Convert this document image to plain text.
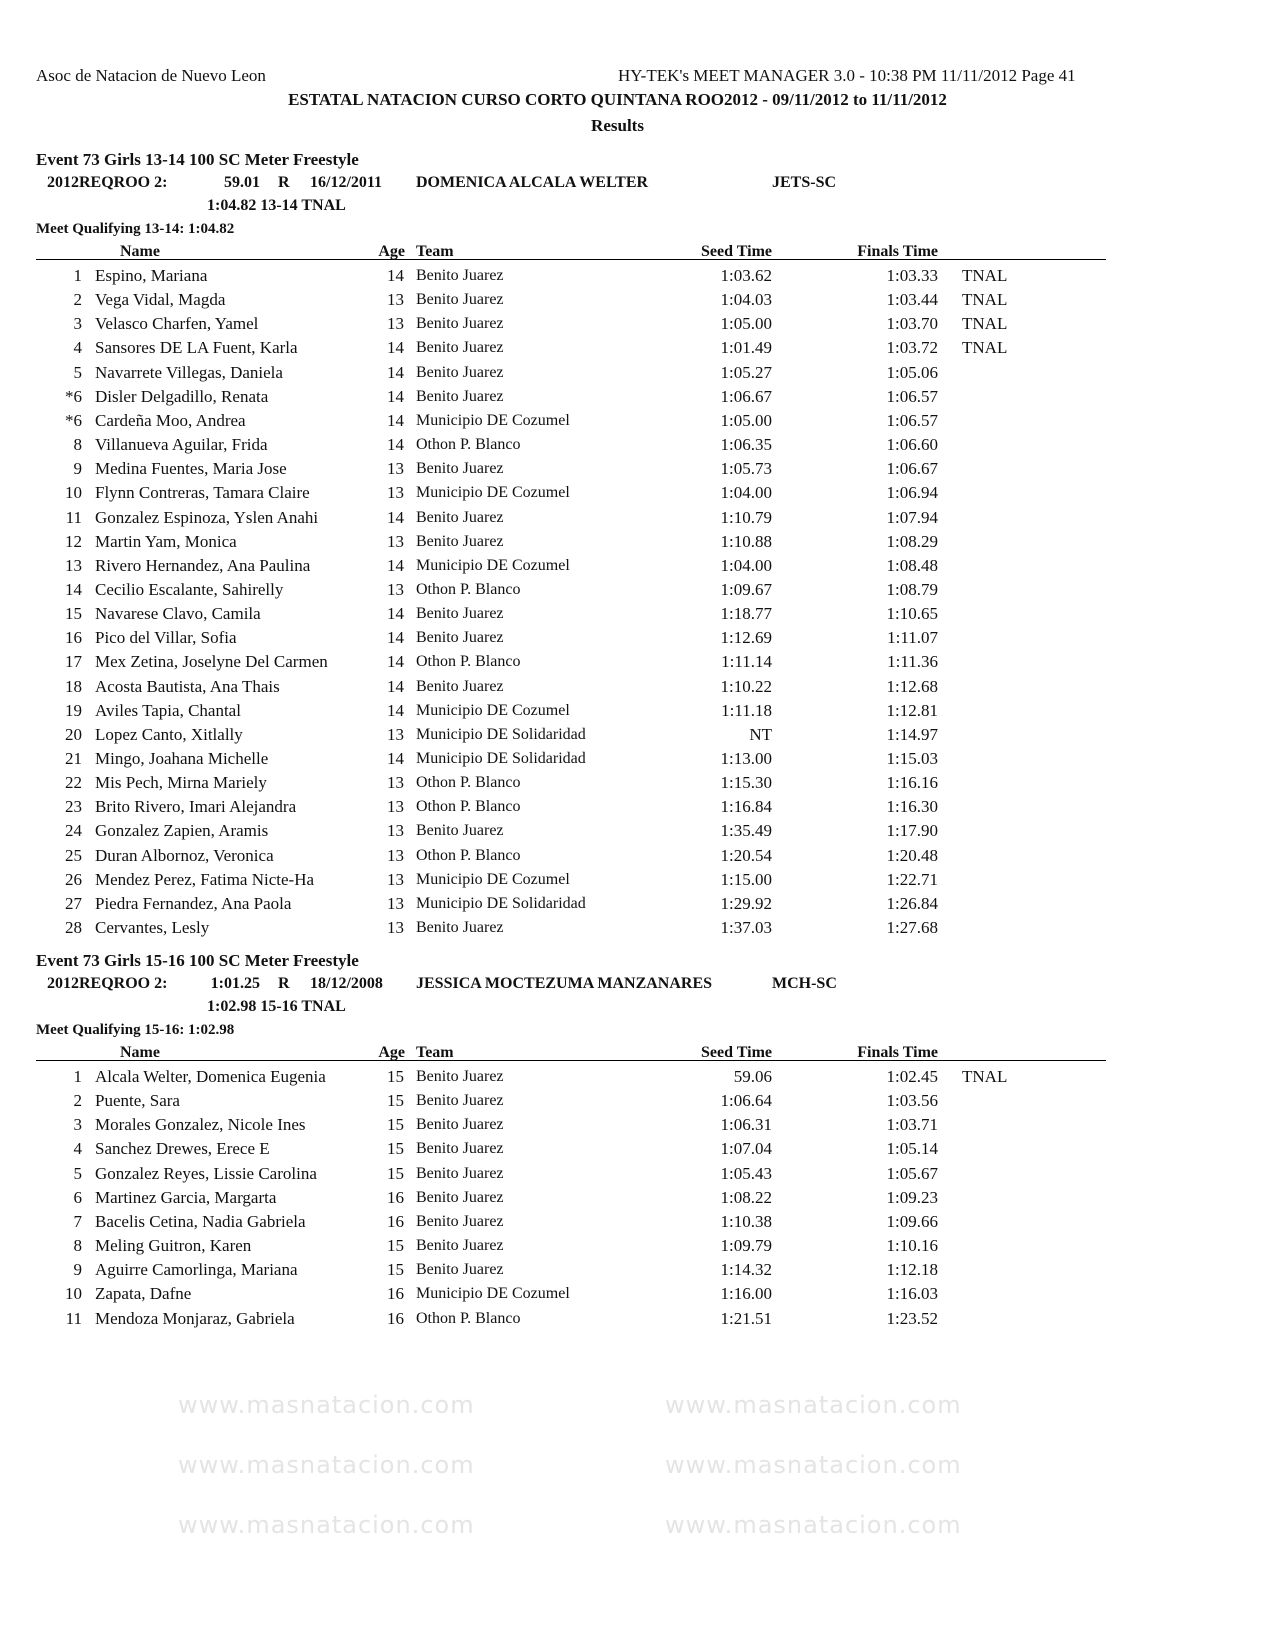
Asoc de Natacion de Nuevo Leon	HY-TEK's MEET MANAGER 3.0 - 10:38 PM 11/11/2012 Page 41
ESTATAL NATACION CURSO CORTO QUINTANA ROO2012 - 09/11/2012 to 11/11/2012
Results
www.masnatacion.com	www.masnatacion.com
www.masnatacion.com	www.masnatacion.com
www.masnatacion.com	www.masnatacion.com
Event 73 Girls 13-14 100 SC Meter Freestyle
2012REQROO 2:	59.01 R 16/12/2011 DOMENICA ALCALA WELTER	JETS-SC
1:04.82 13-14 TNAL
Meet Qualifying 13-14: 1:04.82
Name	Age Team	Seed Time	Finals Time
1 Espino, Mariana	14 Benito Juarez	1:03.62	1:03.33 TNAL
2 Vega Vidal, Magda	13 Benito Juarez	1:04.03	1:03.44 TNAL
3 Velasco Charfen, Yamel	13 Benito Juarez	1:05.00	1:03.70 TNAL
4 Sansores DE LA Fuent, Karla	14 Benito Juarez	1:01.49	1:03.72 TNAL
5 Navarrete Villegas, Daniela	14 Benito Juarez	1:05.27	1:05.06
*6 Disler Delgadillo, Renata	14 Benito Juarez	1:06.67	1:06.57
*6 Cardeña Moo, Andrea	14 Municipio DE Cozumel	1:05.00	1:06.57
8 Villanueva Aguilar, Frida	14 Othon P. Blanco	1:06.35	1:06.60
9 Medina Fuentes, Maria Jose	13 Benito Juarez	1:05.73	1:06.67
10 Flynn Contreras, Tamara Claire	13 Municipio DE Cozumel	1:04.00	1:06.94
11 Gonzalez Espinoza, Yslen Anahi	14 Benito Juarez	1:10.79	1:07.94
12 Martin Yam, Monica	13 Benito Juarez	1:10.88	1:08.29
13 Rivero Hernandez, Ana Paulina	14 Municipio DE Cozumel	1:04.00	1:08.48
14 Cecilio Escalante, Sahirelly	13 Othon P. Blanco	1:09.67	1:08.79
15 Navarese Clavo, Camila	14 Benito Juarez	1:18.77	1:10.65
16 Pico del Villar, Sofia	14 Benito Juarez	1:12.69	1:11.07
17 Mex Zetina, Joselyne Del Carmen	14 Othon P. Blanco	1:11.14	1:11.36
18 Acosta Bautista, Ana Thais	14 Benito Juarez	1:10.22	1:12.68
19 Aviles Tapia, Chantal	14 Municipio DE Cozumel	1:11.18	1:12.81
20 Lopez Canto, Xitlally	13 Municipio DE Solidaridad	NT	1:14.97
21 Mingo, Joahana Michelle	14 Municipio DE Solidaridad	1:13.00	1:15.03
22 Mis Pech, Mirna Mariely	13 Othon P. Blanco	1:15.30	1:16.16
23 Brito Rivero, Imari Alejandra	13 Othon P. Blanco	1:16.84	1:16.30
24 Gonzalez Zapien, Aramis	13 Benito Juarez	1:35.49	1:17.90
25 Duran Albornoz, Veronica	13 Othon P. Blanco	1:20.54	1:20.48
26 Mendez Perez, Fatima Nicte-Ha	13 Municipio DE Cozumel	1:15.00	1:22.71
27 Piedra Fernandez, Ana Paola	13 Municipio DE Solidaridad	1:29.92	1:26.84
28 Cervantes, Lesly	13 Benito Juarez	1:37.03	1:27.68
Event 73 Girls 15-16 100 SC Meter Freestyle
2012REQROO 2:	1:01.25 R 18/12/2008 JESSICA MOCTEZUMA MANZANARES	MCH-SC
1:02.98 15-16 TNAL
Meet Qualifying 15-16: 1:02.98
Name	Age Team	Seed Time	Finals Time
1 Alcala Welter, Domenica Eugenia	15 Benito Juarez	59.06	1:02.45 TNAL
2 Puente, Sara	15 Benito Juarez	1:06.64	1:03.56
3 Morales Gonzalez, Nicole Ines	15 Benito Juarez	1:06.31	1:03.71
4 Sanchez Drewes, Erece E	15 Benito Juarez	1:07.04	1:05.14
5 Gonzalez Reyes, Lissie Carolina	15 Benito Juarez	1:05.43	1:05.67
6 Martinez Garcia, Margarta	16 Benito Juarez	1:08.22	1:09.23
7 Bacelis Cetina, Nadia Gabriela	16 Benito Juarez	1:10.38	1:09.66
8 Meling Guitron, Karen	15 Benito Juarez	1:09.79	1:10.16
9 Aguirre Camorlinga, Mariana	15 Benito Juarez	1:14.32	1:12.18
10 Zapata, Dafne	16 Municipio DE Cozumel	1:16.00	1:16.03
11 Mendoza Monjaraz, Gabriela	16 Othon P. Blanco	1:21.51	1:23.52
